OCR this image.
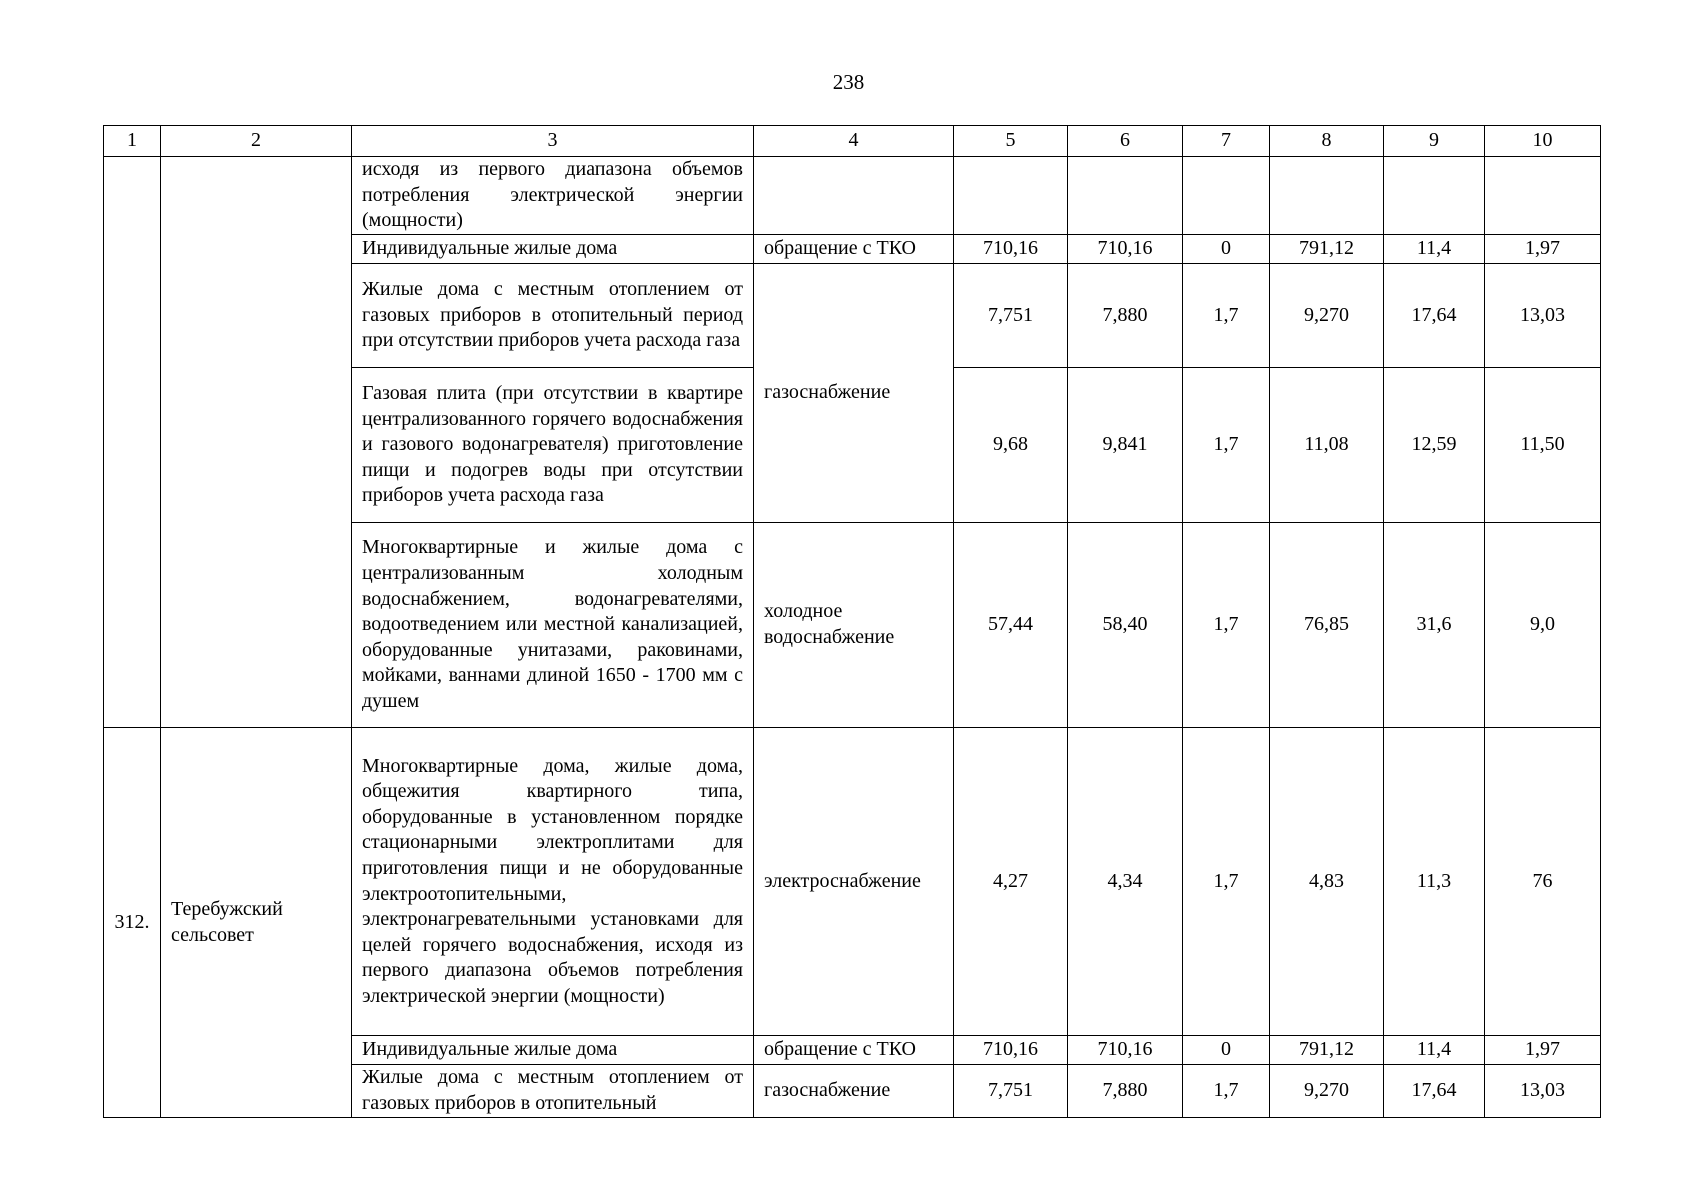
238
1	2	3	4	5	6	7	8	9	10
		исходя из первого диапазона объемов потребления электрической энергии (мощности)							
		Индивидуальные жилые дома	обращение с ТКО	710,16	710,16	0	791,12	11,4	1,97
		Жилые дома с местным отоплением от газовых приборов в отопительный период при отсутствии приборов учета расхода газа	газоснабжение	7,751	7,880	1,7	9,270	17,64	13,03
		Газовая плита (при отсутствии в квартире централизованного горячего водоснабжения и газового водонагревателя) приготовление пищи и подогрев воды при отсутствии приборов учета расхода газа		9,68	9,841	1,7	11,08	12,59	11,50
		Многоквартирные и жилые дома с централизованным холодным водоснабжением, водонагревателями, водоотведением или местной канализацией, оборудованные унитазами, раковинами, мойками, ваннами длиной 1650 - 1700 мм с душем	холодное водоснабжение	57,44	58,40	1,7	76,85	31,6	9,0
312.	Теребужский сельсовет	Многоквартирные дома, жилые дома, общежития квартирного типа, оборудованные в установленном порядке стационарными электроплитами для приготовления пищи и не оборудованные электроотопительными, электронагревательными установками для целей горячего водоснабжения, исходя из первого диапазона объемов потребления электрической энергии (мощности)	электроснабжение	4,27	4,34	1,7	4,83	11,3	76
		Индивидуальные жилые дома	обращение с ТКО	710,16	710,16	0	791,12	11,4	1,97
		Жилые дома с местным отоплением от газовых приборов в отопительный	газоснабжение	7,751	7,880	1,7	9,270	17,64	13,03
